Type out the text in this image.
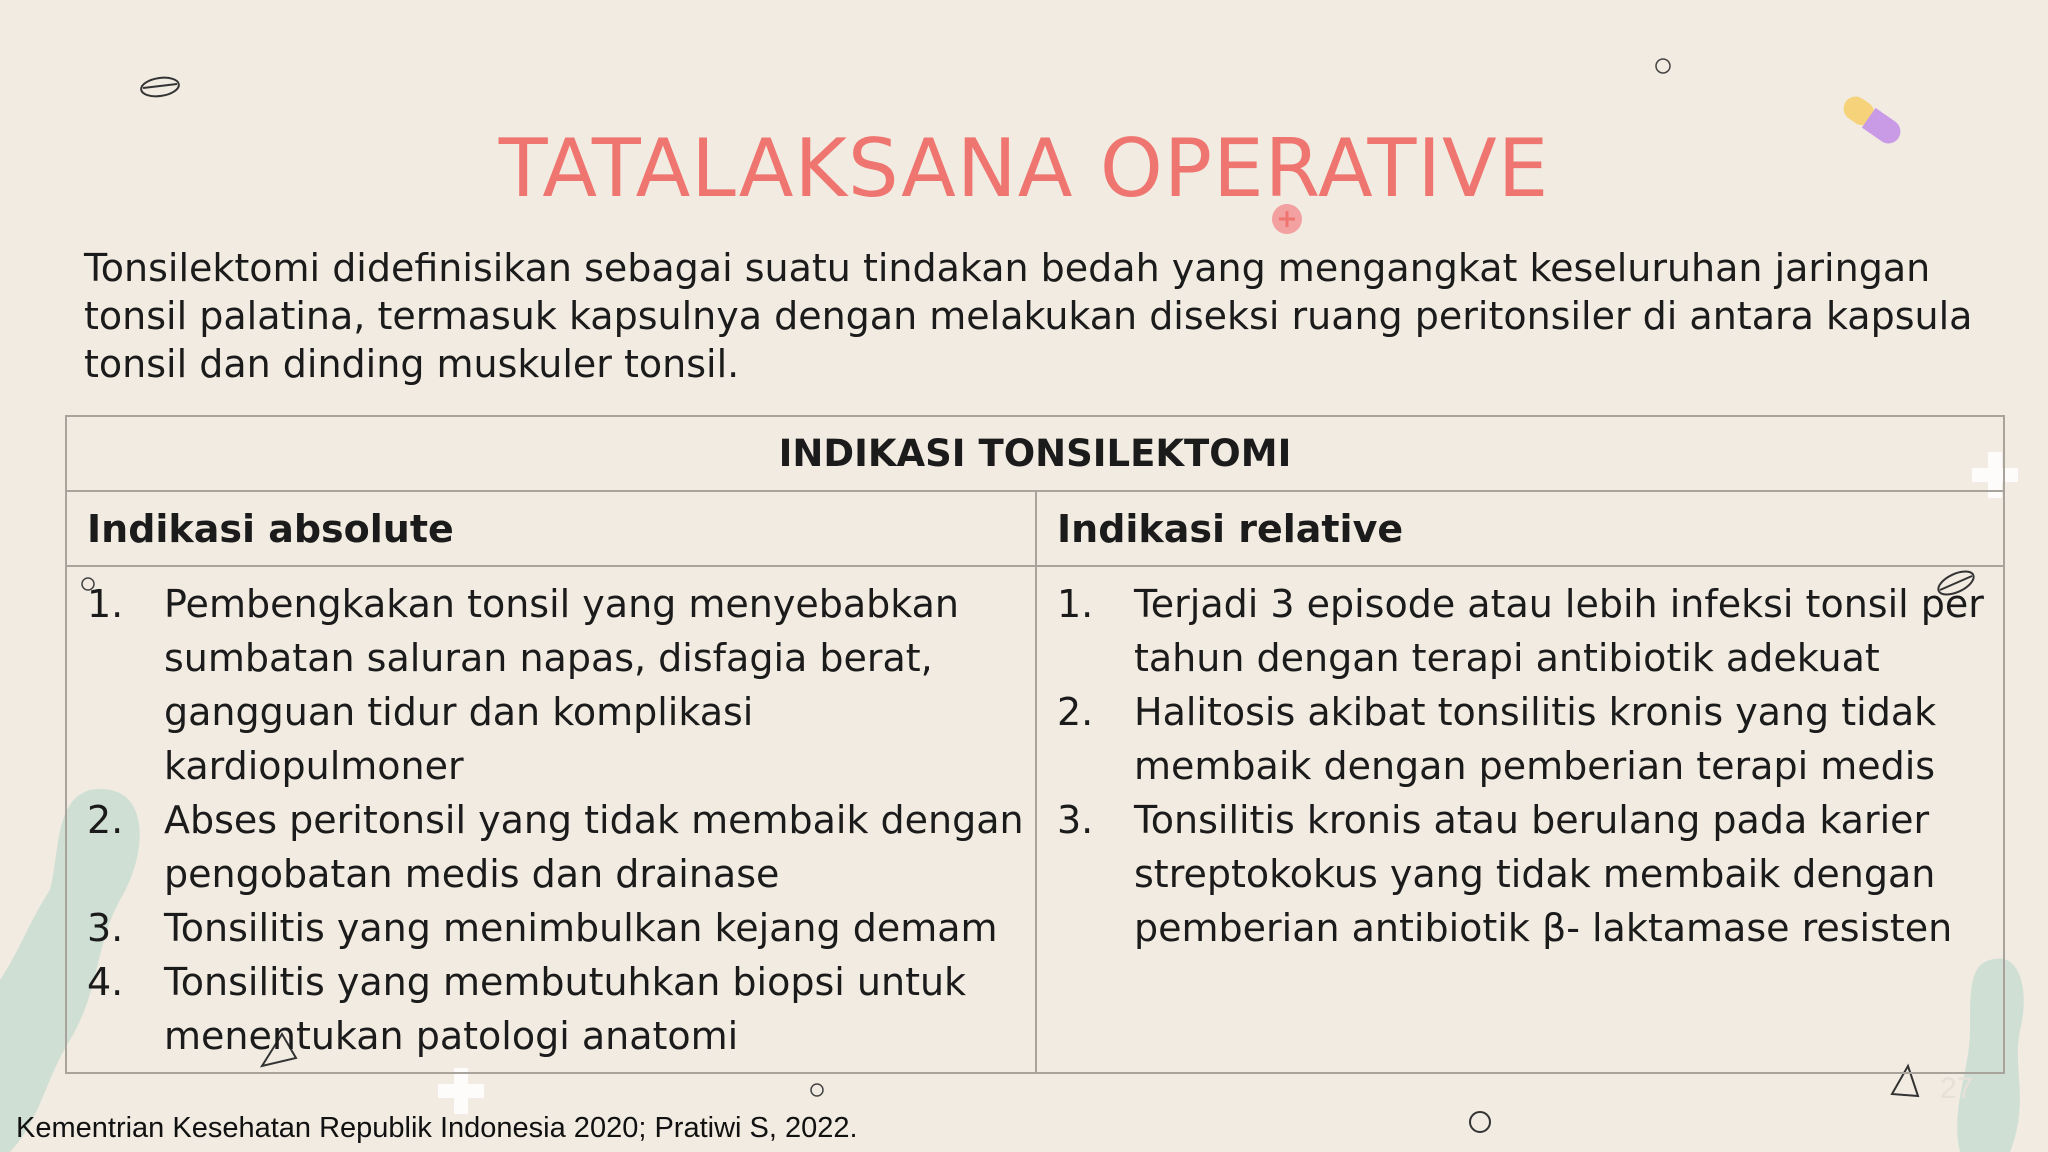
TATALAKSANA OPERATIVE

Tonsilektomi didefinisikan sebagai suatu tindakan bedah yang mengangkat keseluruhan jaringan tonsil palatina, termasuk kapsulnya dengan melakukan diseksi ruang peritonsiler di antara kapsula tonsil dan dinding muskuler tonsil.

INDIKASI TONSILEKTOMI
Indikasi absolute	Indikasi relative
1. Pembengkakan tonsil yang menyebabkan sumbatan saluran napas, disfagia berat, gangguan tidur dan komplikasi kardiopulmoner
2. Abses peritonsil yang tidak membaik dengan pengobatan medis dan drainase
3. Tonsilitis yang menimbulkan kejang demam
4. Tonsilitis yang membutuhkan biopsi untuk menentukan patologi anatomi
1. Terjadi 3 episode atau lebih infeksi tonsil per tahun dengan terapi antibiotik adekuat
2. Halitosis akibat tonsilitis kronis yang tidak membaik dengan pemberian terapi medis
3. Tonsilitis kronis atau berulang pada karier streptokokus yang tidak membaik dengan pemberian antibiotik β- laktamase resisten
Kementrian Kesehatan Republik Indonesia 2020; Pratiwi S, 2022.
27
